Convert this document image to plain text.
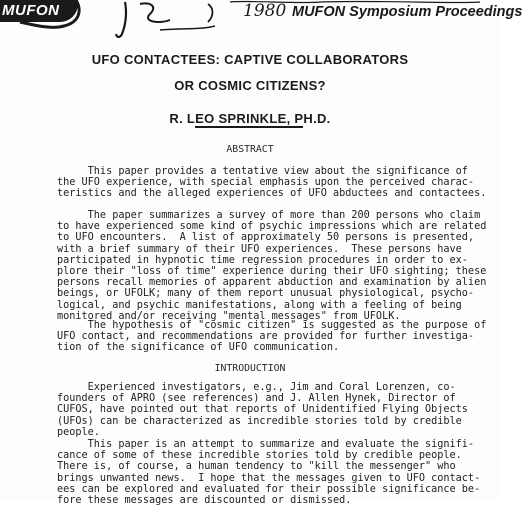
MUFON	1980 MUFON Symposium Proceedings
UFO CONTACTEES: CAPTIVE COLLABORATORS
OR COSMIC CITIZENS?
R. LEO SPRINKLE, PH.D.
ABSTRACT
This paper provides a tentative view about the significance of
the UFO experience, with special emphasis upon the perceived charac-
teristics and the alleged experiences of UFO abductees and contactees.
The paper summarizes a survey of more than 200 persons who claim
to have experienced some kind of psychic impressions which are related
to UFO encounters.  A list of approximately 50 persons is presented,
with a brief summary of their UFO experiences.  These persons have
participated in hypnotic time regression procedures in order to ex-
plore their "loss of time" experience during their UFO sighting; these
persons recall memories of apparent abduction and examination by alien
beings, or UFOLK; many of them report unusual physiological, psycho-
logical, and psychic manifestations, along with a feeling of being
monitored and/or receiving "mental messages" from UFOLK.
The hypothesis of "cosmic citizen" is suggested as the purpose of
UFO contact, and recommendations are provided for further investiga-
tion of the significance of UFO communication.
INTRODUCTION
Experienced investigators, e.g., Jim and Coral Lorenzen, co-
founders of APRO (see references) and J. Allen Hynek, Director of
CUFOS, have pointed out that reports of Unidentified Flying Objects
(UFOs) can be characterized as incredible stories told by credible
people.
This paper is an attempt to summarize and evaluate the signifi-
cance of some of these incredible stories told by credible people.
There is, of course, a human tendency to "kill the messenger" who
brings unwanted news.  I hope that the messages given to UFO contact-
ees can be explored and evaluated for their possible significance be-
fore these messages are discounted or dismissed.
